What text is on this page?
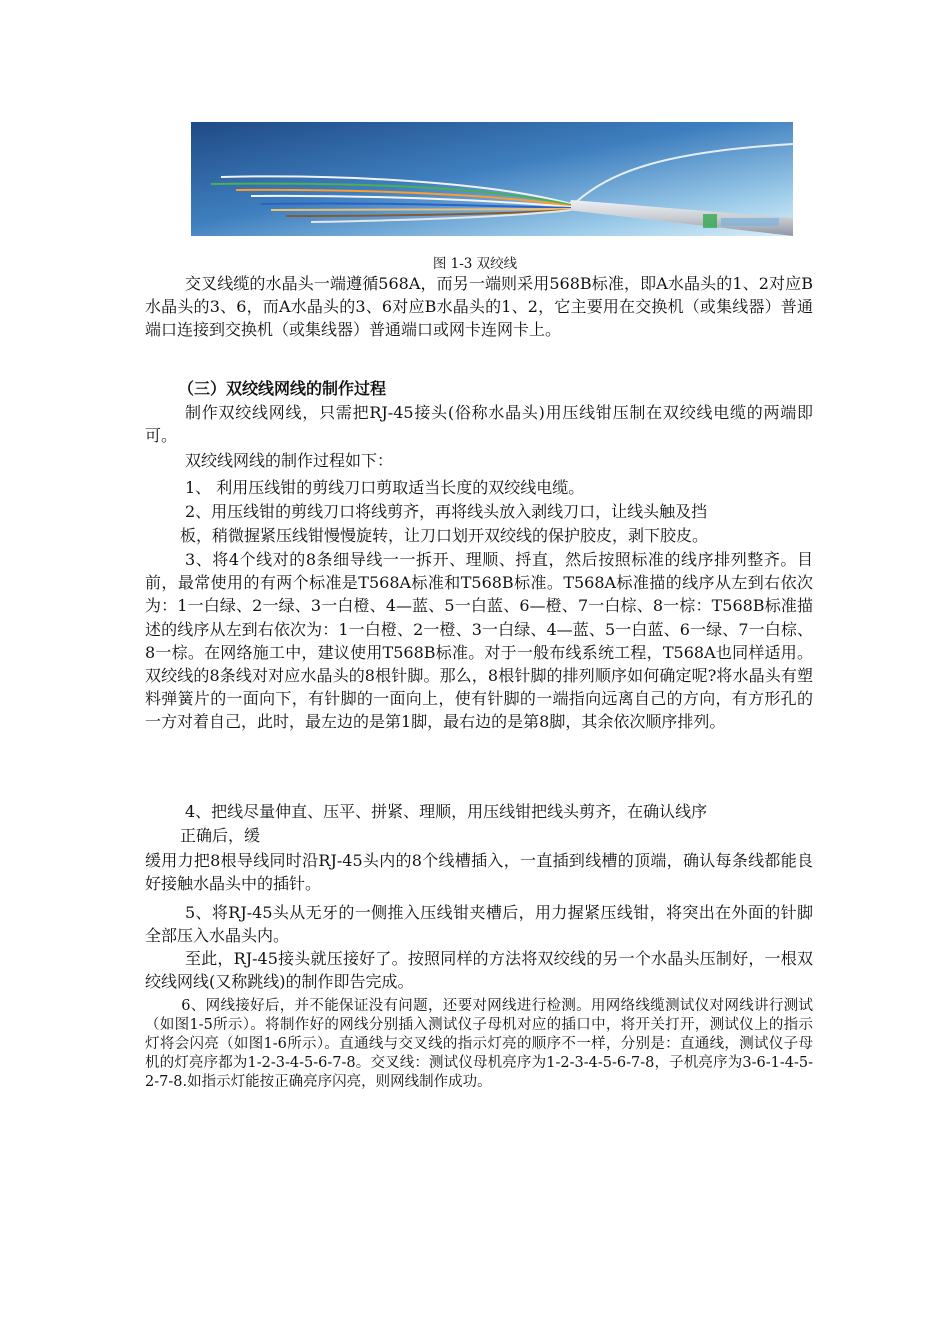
图 1-3 双绞线

交叉线缆的水晶头一端遵循568A，而另一端则采用568B标准，即A水晶头的1、2对应B水晶头的3、6，而A水晶头的3、6对应B水晶头的1、2，它主要用在交换机（或集线器）普通端口连接到交换机（或集线器）普通端口或网卡连网卡上。

（三）双绞线网线的制作过程

制作双绞线网线，只需把RJ-45接头(俗称水晶头)用压线钳压制在双绞线电缆的两端即可。

双绞线网线的制作过程如下：

1、 利用压线钳的剪线刀口剪取适当长度的双绞线电缆。

2、用压线钳的剪线刀口将线剪齐，再将线头放入剥线刀口，让线头触及挡

板，稍微握紧压线钳慢慢旋转，让刀口划开双绞线的保护胶皮，剥下胶皮。

3、将4个线对的8条细导线一一拆开、理顺、捋直，然后按照标准的线序排列整齐。目前，最常使用的有两个标准是T568A标准和T568B标准。T568A标准描的线序从左到右依次为：1一白绿、2一绿、3一白橙、4—蓝、5一白蓝、6—橙、7一白棕、8一棕：T568B标准描述的线序从左到右依次为：1一白橙、2一橙、3一白绿、4—蓝、5一白蓝、6一绿、7一白棕、8一棕。在网络施工中，建议使用T568B标准。对于一般布线系统工程，T568A也同样适用。双绞线的8条线对对应水晶头的8根针脚。那么，8根针脚的排列顺序如何确定呢?将水晶头有塑料弹簧片的一面向下，有针脚的一面向上，使有针脚的一端指向远离自己的方向，有方形孔的一方对着自己，此时，最左边的是第1脚，最右边的是第8脚，其余依次顺序排列。

4、把线尽量伸直、压平、拼紧、理顺，用压线钳把线头剪齐，在确认线序

正确后，缓

缓用力把8根导线同时沿RJ-45头内的8个线槽插入，一直插到线槽的顶端，确认每条线都能良好接触水晶头中的插针。

5、将RJ-45头从无牙的一侧推入压线钳夹槽后，用力握紧压线钳，将突出在外面的针脚全部压入水晶头内。

至此，RJ-45接头就压接好了。按照同样的方法将双绞线的另一个水晶头压制好，一根双绞线网线(又称跳线)的制作即告完成。

6、网线接好后，并不能保证没有问题，还要对网线进行检测。用网络线缆测试仪对网线讲行测试（如图1-5所示）。将制作好的网线分别插入测试仪子母机对应的插口中，将开关打开，测试仪上的指示灯将会闪亮（如图1-6所示）。直通线与交叉线的指示灯亮的顺序不一样，分别是：直通线，测试仪子母机的灯亮序都为1-2-3-4-5-6-7-8。交叉线：测试仪母机亮序为1-2-3-4-5-6-7-8，子机亮序为3-6-1-4-5-2-7-8.如指示灯能按正确亮序闪亮，则网线制作成功。
